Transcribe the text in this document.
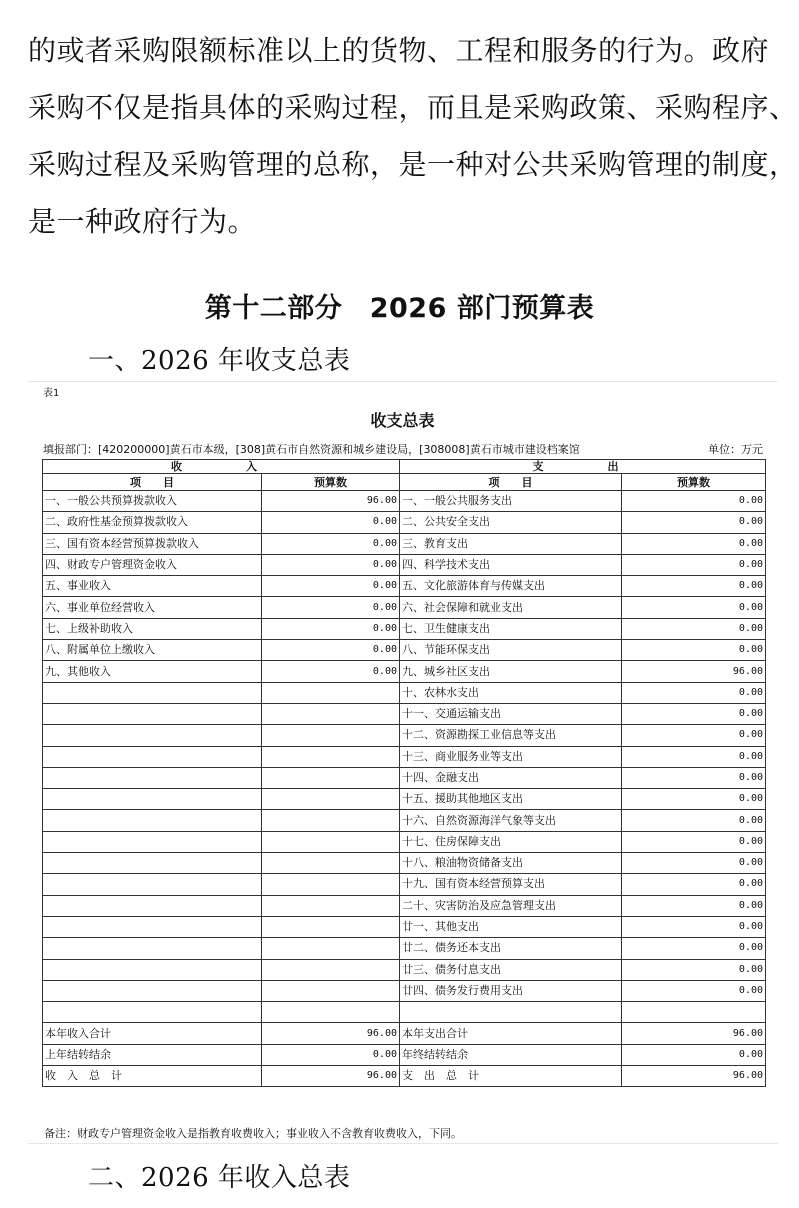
的或者采购限额标准以上的货物、工程和服务的行为。政府
采购不仅是指具体的采购过程，而且是采购政策、采购程序、
采购过程及采购管理的总称，是一种对公共采购管理的制度，
是一种政府行为。
第十二部分　2026 部门预算表
一、2026 年收支总表
表1
收支总表
填报部门：[420200000]黄石市本级，[308]黄石市自然资源和城乡建设局，[308008]黄石市城市建设档案馆	单位：万元
收　　入		支　　出	
项　　目	预算数	项　　目	预算数
一、一般公共预算拨款收入	96.00	一、一般公共服务支出	0.00
二、政府性基金预算拨款收入	0.00	二、公共安全支出	0.00
三、国有资本经营预算拨款收入	0.00	三、教育支出	0.00
四、财政专户管理资金收入	0.00	四、科学技术支出	0.00
五、事业收入	0.00	五、文化旅游体育与传媒支出	0.00
六、事业单位经营收入	0.00	六、社会保障和就业支出	0.00
七、上级补助收入	0.00	七、卫生健康支出	0.00
八、附属单位上缴收入	0.00	八、节能环保支出	0.00
九、其他收入	0.00	九、城乡社区支出	96.00
		十、农林水支出	0.00
		十一、交通运输支出	0.00
		十二、资源勘探工业信息等支出	0.00
		十三、商业服务业等支出	0.00
		十四、金融支出	0.00
		十五、援助其他地区支出	0.00
		十六、自然资源海洋气象等支出	0.00
		十七、住房保障支出	0.00
		十八、粮油物资储备支出	0.00
		十九、国有资本经营预算支出	0.00
		二十、灾害防治及应急管理支出	0.00
		廿一、其他支出	0.00
		廿二、债务还本支出	0.00
		廿三、债务付息支出	0.00
		廿四、债务发行费用支出	0.00

本年收入合计	96.00	本年支出合计	96.00
上年结转结余	0.00	年终结转结余	0.00
收　入　总　计	96.00	支　出　总　计	96.00
备注：财政专户管理资金收入是指教育收费收入；事业收入不含教育收费收入，下同。
二、2026 年收入总表
